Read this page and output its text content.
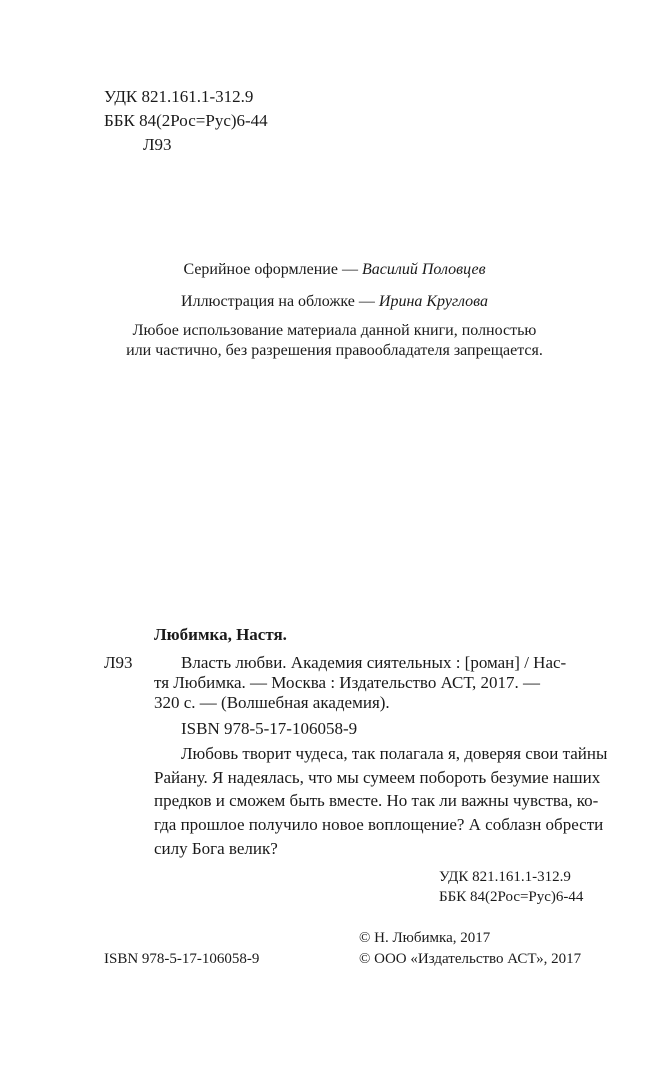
УДК 821.161.1-312.9
ББК 84(2Рос=Рус)6-44
Л93
Серийное оформление — Василий Половцев
Иллюстрация на обложке — Ирина Круглова
Любое использование материала данной книги, полностью
или частично, без разрешения правообладателя запрещается.
Любимка, Настя.
Л93	Власть любви. Академия сиятельных : [роман] / Нас-
тя Любимка. — Москва : Издательство АСТ, 2017. —
320 с. — (Волшебная академия).
ISBN 978-5-17-106058-9
Любовь творит чудеса, так полагала я, доверяя свои тайны
Райану. Я надеялась, что мы сумеем побороть безумие наших
предков и сможем быть вместе. Но так ли важны чувства, ко-
гда прошлое получило новое воплощение? А соблазн обрести
силу Бога велик?
УДК 821.161.1-312.9
ББК 84(2Рос=Рус)6-44
© Н. Любимка, 2017
ISBN 978-5-17-106058-9	© ООО «Издательство АСТ», 2017
